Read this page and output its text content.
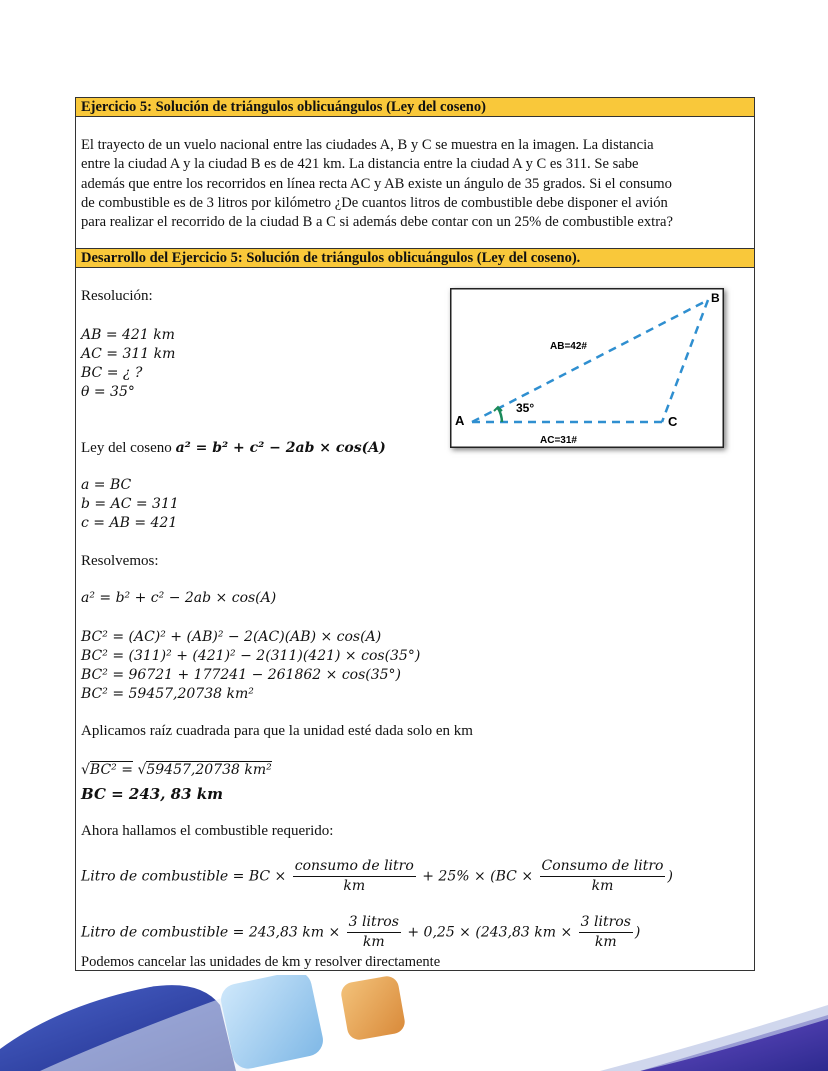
Ejercicio 5: Solución de triángulos oblicuángulos (Ley del coseno)
El trayecto de un vuelo nacional entre las ciudades A, B y C se muestra en la imagen. La distancia
entre la ciudad A y la ciudad B es de 421 km. La distancia entre la ciudad A y C es 311. Se sabe
además que entre los recorridos en línea recta AC y AB existe un ángulo de 35 grados. Si el consumo
de combustible es de 3 litros por kilómetro ¿De cuantos litros de combustible debe disponer el avión
para realizar el recorrido de la ciudad B a C si además debe contar con un 25% de combustible extra?
Desarrollo del Ejercicio 5: Solución de triángulos oblicuángulos (Ley del coseno).
Resolución:
AB = 421 km
AC = 311 km
BC = ¿ ?
θ = 35°
Ley del coseno a² = b² + c² − 2ab × cos(A)
a = BC
b = AC = 311
c = AB = 421
Resolvemos:
a² = b² + c² − 2ab × cos(A)
BC² = (AC)² + (AB)² − 2(AC)(AB) × cos(A)
BC² = (311)² + (421)² − 2(311)(421) × cos(35°)
BC² = 96721 + 177241 − 261862 × cos(35°)
BC² = 59457,20738 km²
Aplicamos raíz cuadrada para que la unidad esté dada solo en km
√BC² = √59457,20738 km²
BC = 243, 83 km
Ahora hallamos el combustible requerido:
Litro de combustible = BC × $\frac{\text{consumo de litro}}{km} + 25\% \times (BC \times \frac{\text{Consumo de litro}}{km}$ )
Litro de combustible = 243,83 km × $\frac{\text{3 litros}}{km} + 0,25 \times (243,83$ km × $\frac{\text{3 litros}}{km}$ )
Podemos cancelar las unidades de km y resolver directamente
A
B
C
AB=42#
AC=31#
35°
